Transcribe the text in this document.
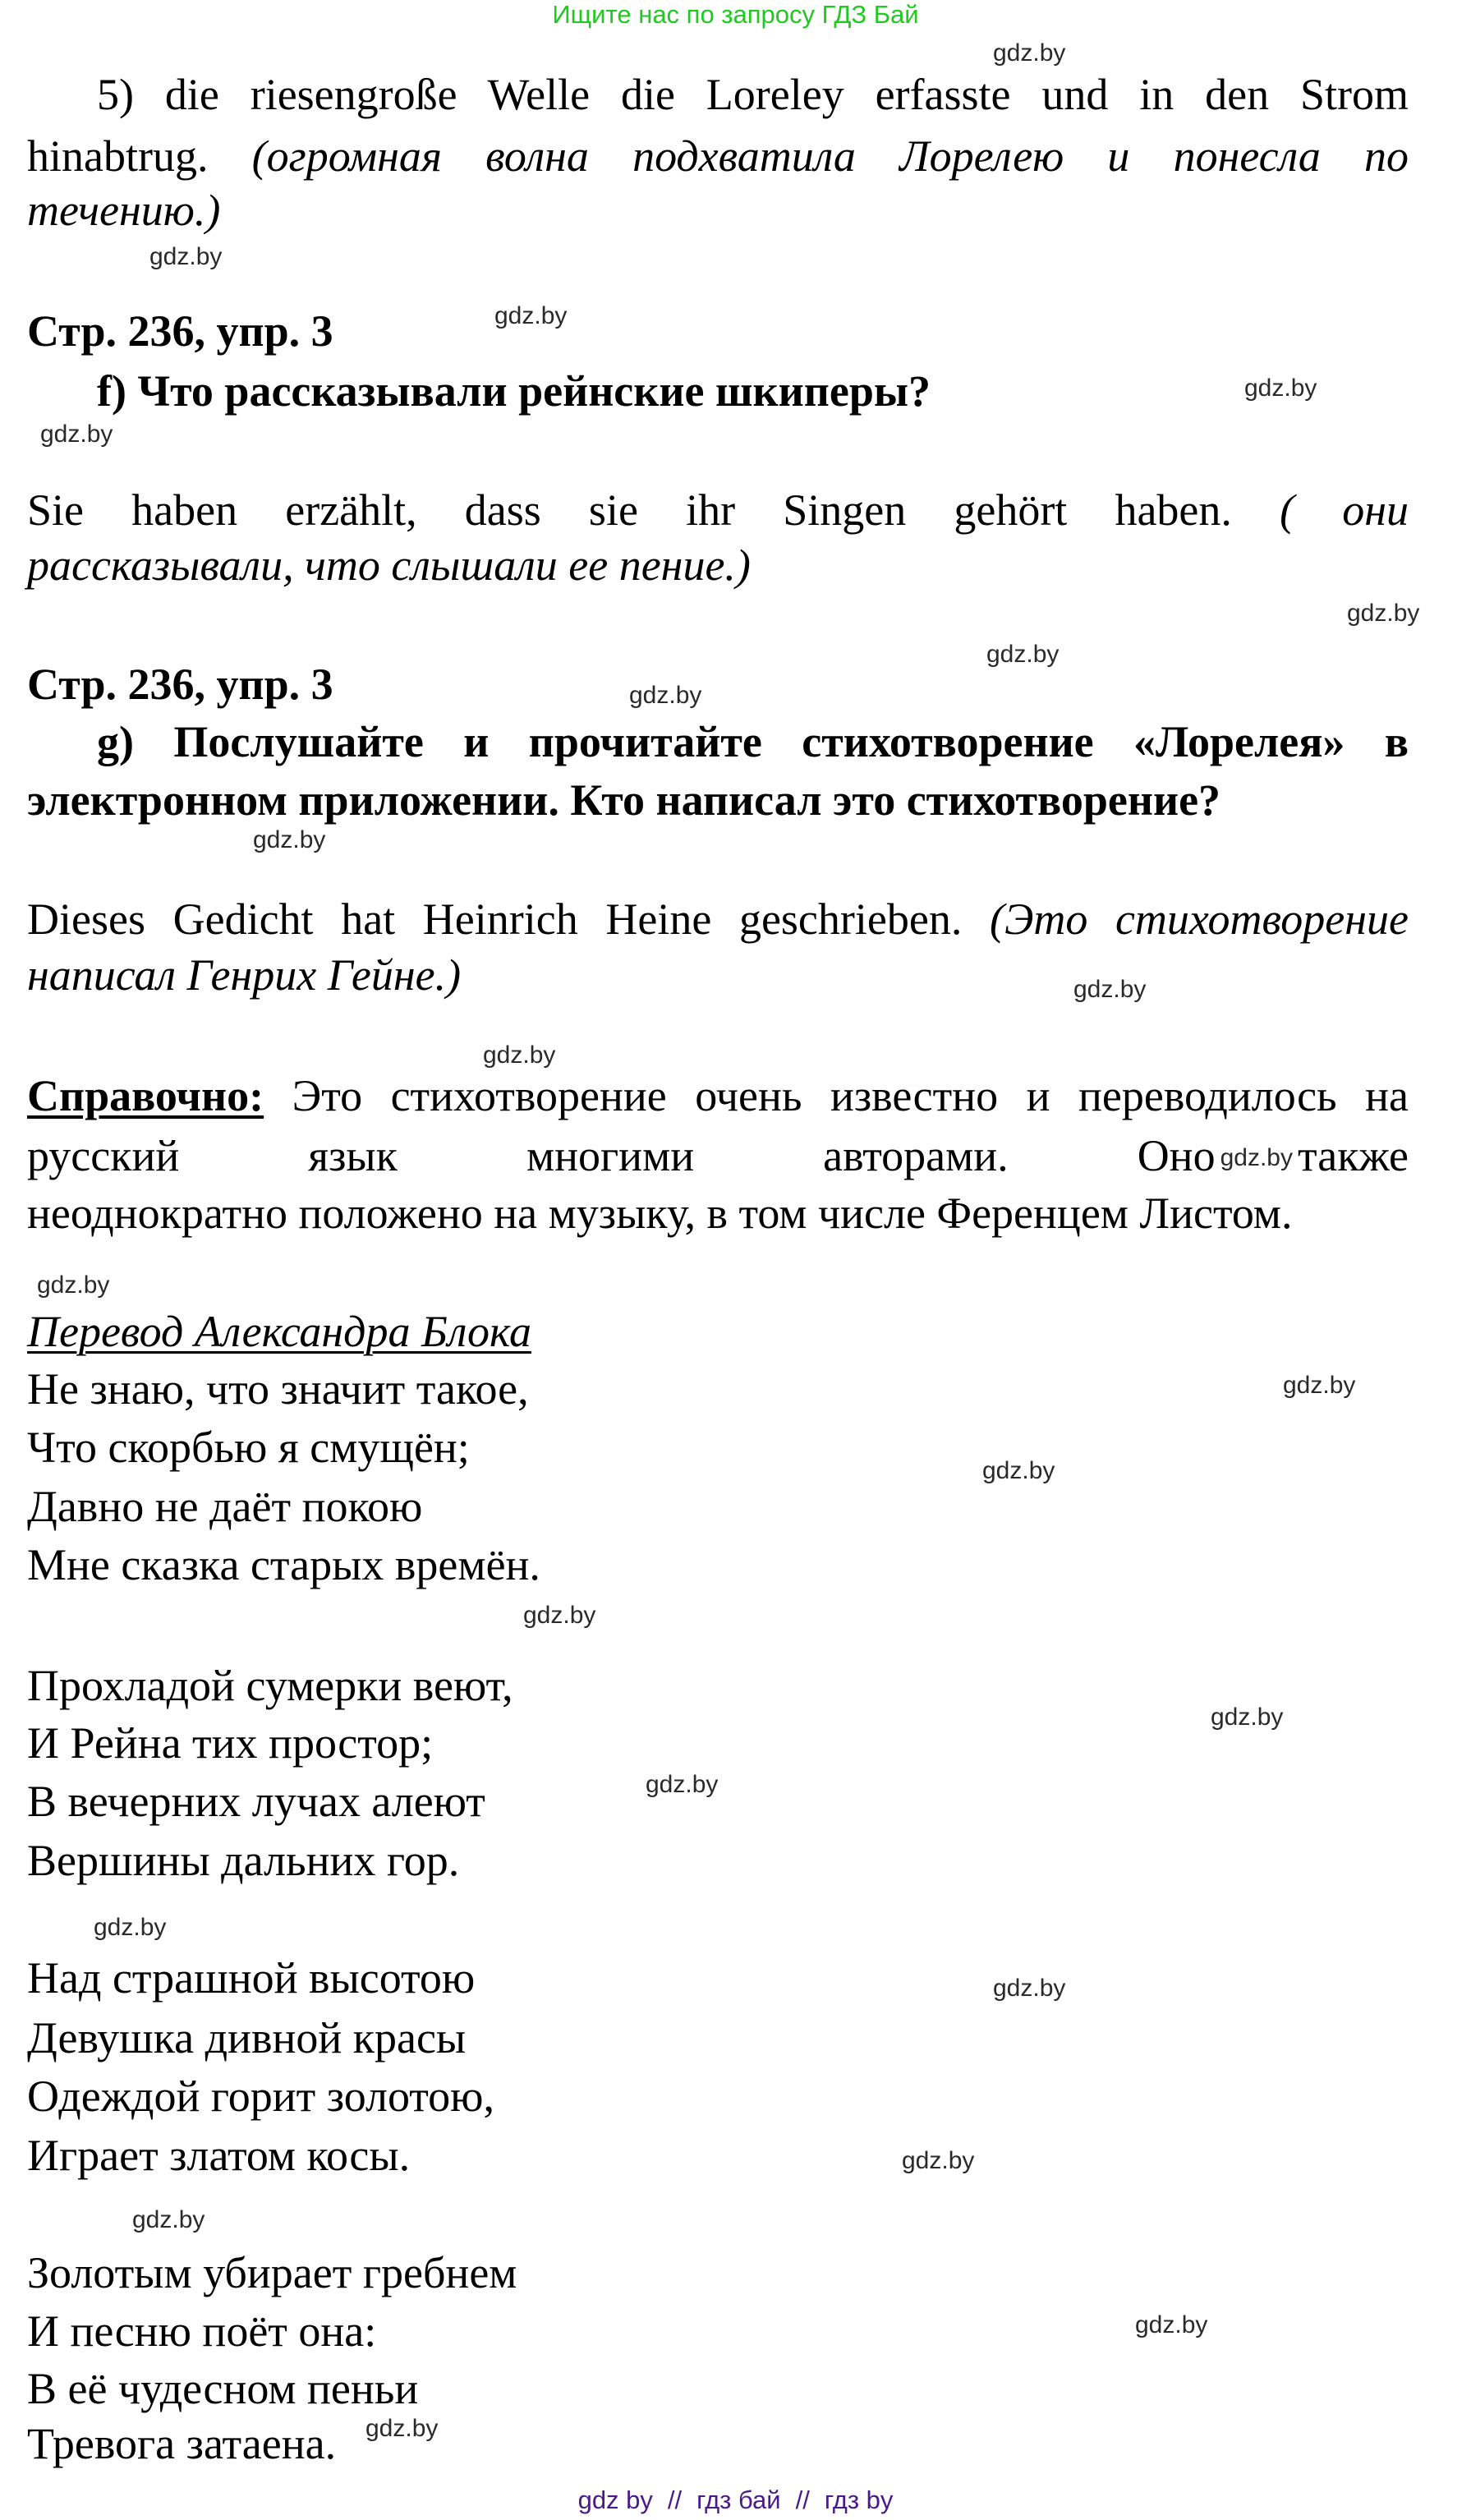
Ищите нас по запросу ГДЗ Бай
5) die riesengroße Welle die Loreley erfasste und in den Strom
hinabtrug. (огромная волна подхватила Лорелею и понесла по
течению.)
Стр. 236, упр. 3
f) Что рассказывали рейнские шкиперы?
Sie haben erzählt, dass sie ihr Singen gehört haben. ( они
рассказывали, что слышали ее пение.)
Стр. 236, упр. 3
g) Послушайте и прочитайте стихотворение «Лорелея» в
электронном приложении. Кто написал это стихотворение?
Dieses Gedicht hat Heinrich Heine geschrieben. (Это стихотворение
написал Генрих Гейне.)
Справочно: Это стихотворение очень известно и переводилось на
русский	язык	многими	авторами.	Оно gdz.by также
неоднократно положено на музыку, в том числе Ференцем Листом.
Перевод Александра Блока
Не знаю, что значит такое,
Что скорбью я смущён;
Давно не даёт покою
Мне сказка старых времён.
Прохладой сумерки веют,
И Рейна тих простор;
В вечерних лучах алеют
Вершины дальних гор.
Над страшной высотою
Девушка дивной красы
Одеждой горит золотою,
Играет златом косы.
Золотым убирает гребнем
И песню поёт она:
В её чудесном пеньи
Тревога затаена.
gdz.by
gdz.by
gdz.by
gdz.by
gdz.by
gdz.by
gdz.by
gdz.by
gdz.by
gdz.by
gdz.by
gdz.by
gdz.by
gdz.by
gdz.by
gdz.by
gdz.by
gdz.by
gdz.by
gdz.by
gdz.by
gdz.by
gdz.by
gdz by // гдз бай // гдз by
